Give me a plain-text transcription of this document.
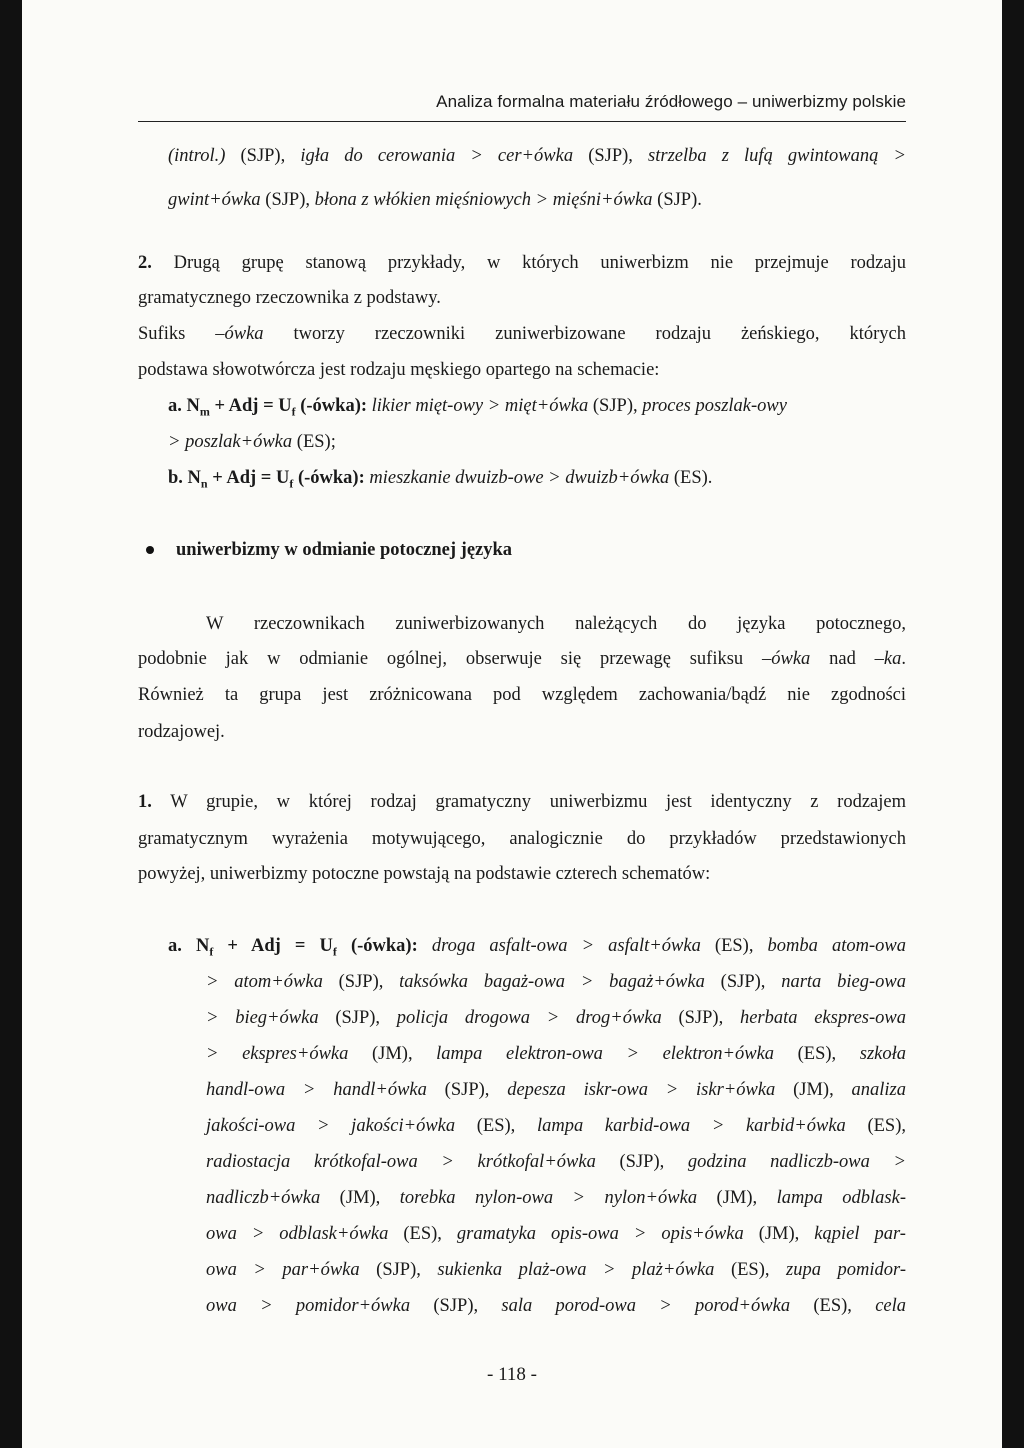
Analiza formalna materiału źródłowego – uniwerbizmy polskie
(introl.) (SJP), igła do cerowania > cer+ówka (SJP), strzelba z lufą gwintowaną >
gwint+ówka (SJP), błona z włókien mięśniowych > mięśni+ówka (SJP).
2. Drugą grupę stanową przykłady, w których uniwerbizm nie przejmuje rodzaju
gramatycznego rzeczownika z podstawy.
Sufiks –ówka tworzy rzeczowniki zuniwerbizowane rodzaju żeńskiego, których
podstawa słowotwórcza jest rodzaju męskiego opartego na schemacie:
a. $N_m$ + Adj = $U_f$ (-ówka): likier mięt-owy > mięt+ówka (SJP), proces poszlak-owy
> poszlak+ówka (ES);
b. $N_n$ + Adj = $U_f$ (-ówka): mieszkanie dwuizb-owe > dwuizb+ówka (ES).
uniwerbizmy w odmianie potocznej języka
W rzeczownikach zuniwerbizowanych należących do języka potocznego,
podobnie jak w odmianie ogólnej, obserwuje się przewagę sufiksu –ówka nad –ka.
Również ta grupa jest zróżnicowana pod względem zachowania/bądź nie zgodności
rodzajowej.
1. W grupie, w której rodzaj gramatyczny uniwerbizmu jest identyczny z rodzajem
gramatycznym wyrażenia motywującego, analogicznie do przykładów przedstawionych
powyżej, uniwerbizmy potoczne powstają na podstawie czterech schematów:
a. $N_f$ + Adj = $U_f$ (-ówka): droga asfalt-owa > asfalt+ówka (ES), bomba atom-owa
> atom+ówka (SJP), taksówka bagaż-owa > bagaż+ówka (SJP), narta bieg-owa
> bieg+ówka (SJP), policja drogowa > drog+ówka (SJP), herbata ekspres-owa
> ekspres+ówka (JM), lampa elektron-owa > elektron+ówka (ES), szkoła
handl-owa > handl+ówka (SJP), depesza iskr-owa > iskr+ówka (JM), analiza
jakości-owa > jakości+ówka (ES), lampa karbid-owa > karbid+ówka (ES),
radiostacja krótkofal-owa > krótkofal+ówka (SJP), godzina nadliczb-owa >
nadliczb+ówka (JM), torebka nylon-owa > nylon+ówka (JM), lampa odblask-
owa > odblask+ówka (ES), gramatyka opis-owa > opis+ówka (JM), kąpiel par-
owa > par+ówka (SJP), sukienka plaż-owa > plaż+ówka (ES), zupa pomidor-
owa > pomidor+ówka (SJP), sala porod-owa > porod+ówka (ES), cela
- 118 -
